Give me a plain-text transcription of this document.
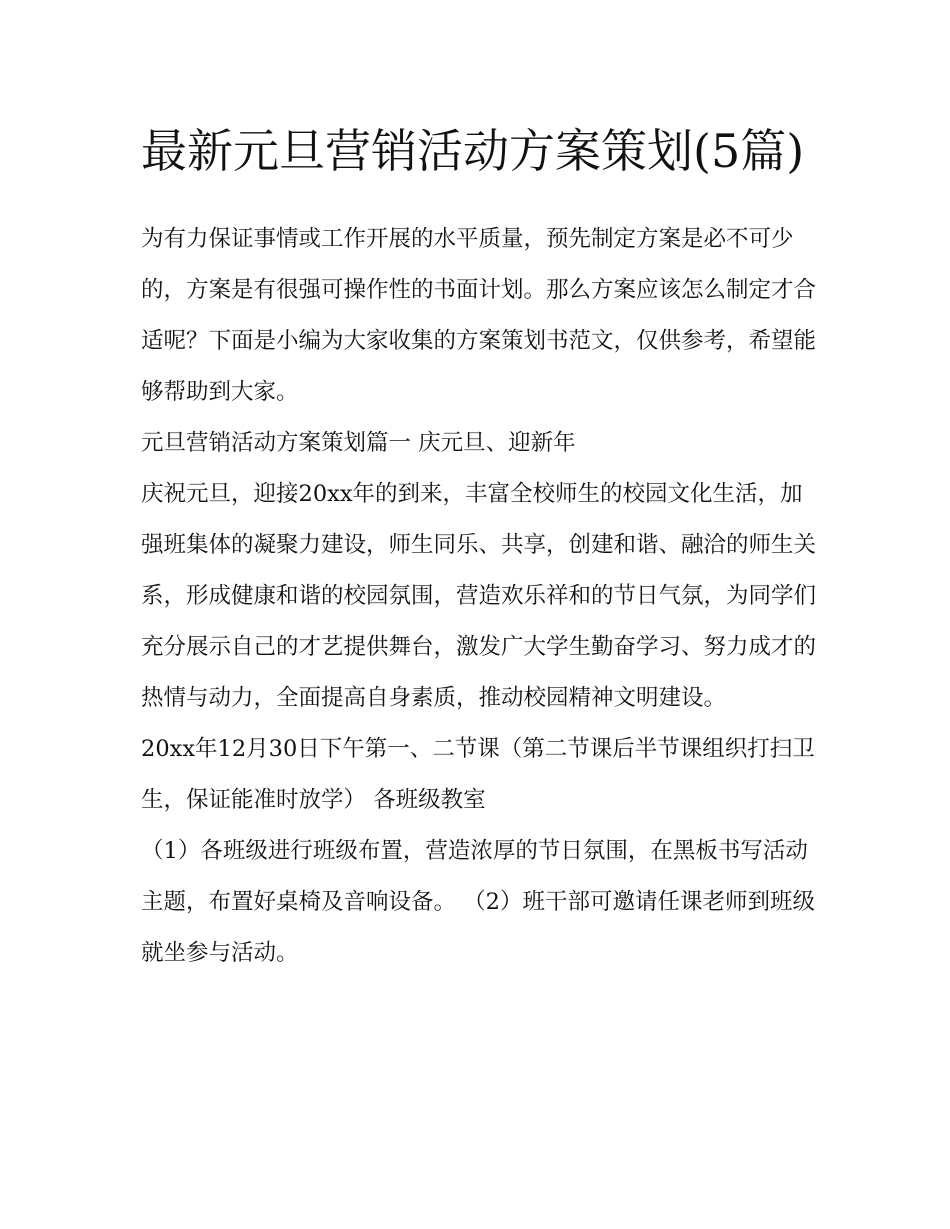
最新元旦营销活动方案策划(5篇)

为有力保证事情或工作开展的水平质量，预先制定方案是必不可少的，方案是有很强可操作性的书面计划。那么方案应该怎么制定才合适呢？下面是小编为大家收集的方案策划书范文，仅供参考，希望能够帮助到大家。

元旦营销活动方案策划篇一 庆元旦、迎新年

庆祝元旦，迎接20xx年的到来，丰富全校师生的校园文化生活，加强班集体的凝聚力建设，师生同乐、共享，创建和谐、融洽的师生关系，形成健康和谐的校园氛围，营造欢乐祥和的节日气氛，为同学们充分展示自己的才艺提供舞台，激发广大学生勤奋学习、努力成才的热情与动力，全面提高自身素质，推动校园精神文明建设。

20xx年12月30日下午第一、二节课（第二节课后半节课组织打扫卫生，保证能准时放学） 各班级教室

（1）各班级进行班级布置，营造浓厚的节日氛围，在黑板书写活动主题，布置好桌椅及音响设备。 （2）班干部可邀请任课老师到班级就坐参与活动。
